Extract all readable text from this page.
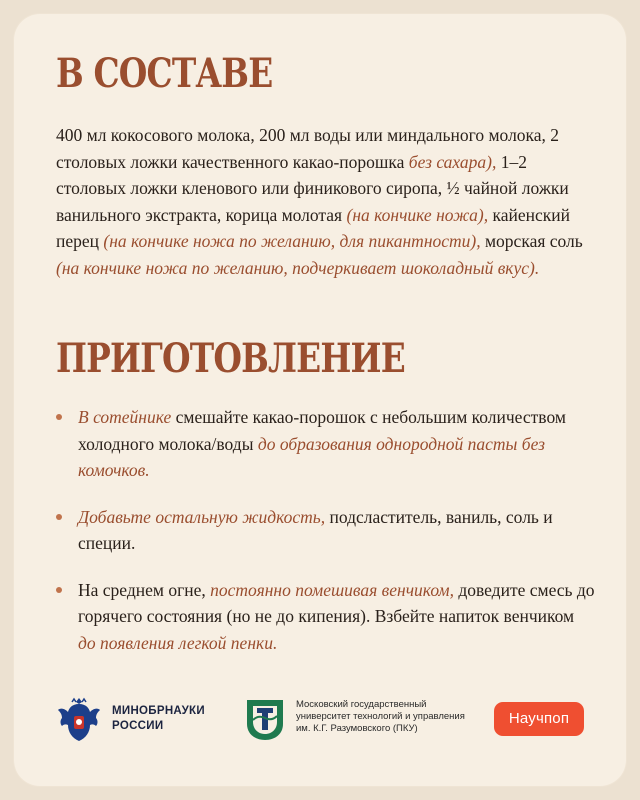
В СОСТАВЕ

400 мл кокосового молока, 200 мл воды или миндального молока, 2 столовых ложки качественного какао-порошка без сахара), 1–2 столовых ложки кленового или финикового сиропа, ½ чайной ложки ванильного экстракта, корица молотая (на кончике ножа), кайенский перец (на кончике ножа по желанию, для пикантности), морская соль (на кончике ножа по желанию, подчеркивает шоколадный вкус).

ПРИГОТОВЛЕНИЕ
В сотейнике смешайте какао-порошок с небольшим количеством холодного молока/воды до образования однородной пасты без комочков.
Добавьте остальную жидкость, подсластитель, ваниль, соль и специи.
На среднем огне, постоянно помешивая венчиком, доведите смесь до горячего состояния (но не до кипения). Взбейте напиток венчиком до появления легкой пенки.
МИНОБРНАУКИ
РОССИИ
Московский государственный
университет технологий и управления
им. К.Г. Разумовского (ПКУ)
Научпоп
